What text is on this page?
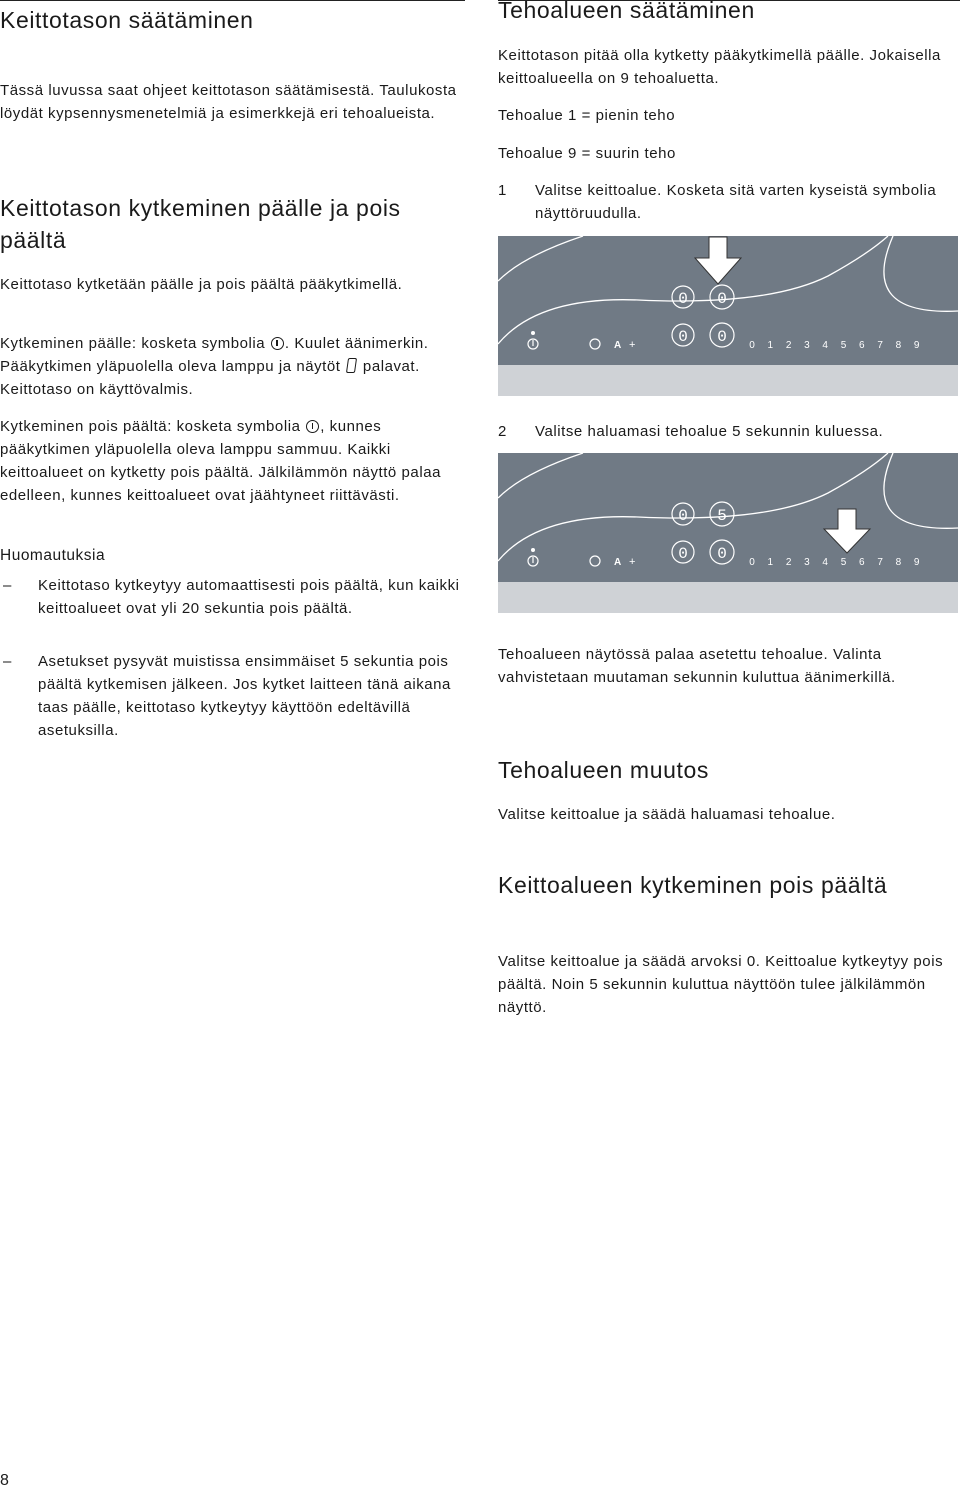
Keittotason säätäminen

Tässä luvussa saat ohjeet keittotason säätämisestä. Taulukosta löydät kypsennysmenetelmiä ja esimerkkejä eri tehoalueista.

Keittotason kytkeminen päälle ja pois päältä

Keittotaso kytketään päälle ja pois päältä pääkytkimellä.

Kytkeminen päälle: kosketa symbolia . Kuulet äänimerkin. Pääkytkimen yläpuolella oleva lamppu ja näytöt  palavat. Keittotaso on käyttövalmis.

Kytkeminen pois päältä: kosketa symbolia , kunnes pääkytkimen yläpuolella oleva lamppu sammuu. Kaikki keittoalueet on kytketty pois päältä. Jälkilämmön näyttö palaa edelleen, kunnes keittoalueet ovat jäähtyneet riittävästi.

Huomautuksia
– Keittotaso kytkeytyy automaattisesti pois päältä, kun kaikki keittoalueet ovat yli 20 sekuntia pois päältä.
– Asetukset pysyvät muistissa ensimmäiset 5 sekuntia pois päältä kytkemisen jälkeen. Jos kytket laitteen tänä aikana taas päälle, keittotaso kytkeytyy käyttöön edeltävillä asetuksilla.
Tehoalueen säätäminen

Keittotason pitää olla kytketty pääkytkimellä päälle. Jokaisella keittoalueella on 9 tehoaluetta.

Tehoalue 1 = pienin teho

Tehoalue 9 = suurin teho

1 Valitse keittoalue. Kosketa sitä varten kyseistä symbolia näyttöruudulla.
2 Valitse haluamasi tehoalue 5 sekunnin kuluessa.

Tehoalueen näytössä palaa asetettu tehoalue. Valinta vahvistetaan muutaman sekunnin kuluttua äänimerkillä.

Tehoalueen muutos

Valitse keittoalue ja säädä haluamasi tehoalue.

Keittoalueen kytkeminen pois päältä

Valitse keittoalue ja säädä arvoksi 0. Keittoalue kytkeytyy pois päältä. Noin 5 sekunnin kuluttua näyttöön tulee jälkilämmön näyttö.

0 0
0 0
A +	0 1 2 3 4 5 6 7 8 9
0 5
0 0
A +	0 1 2 3 4 5 6 7 8 9
8
